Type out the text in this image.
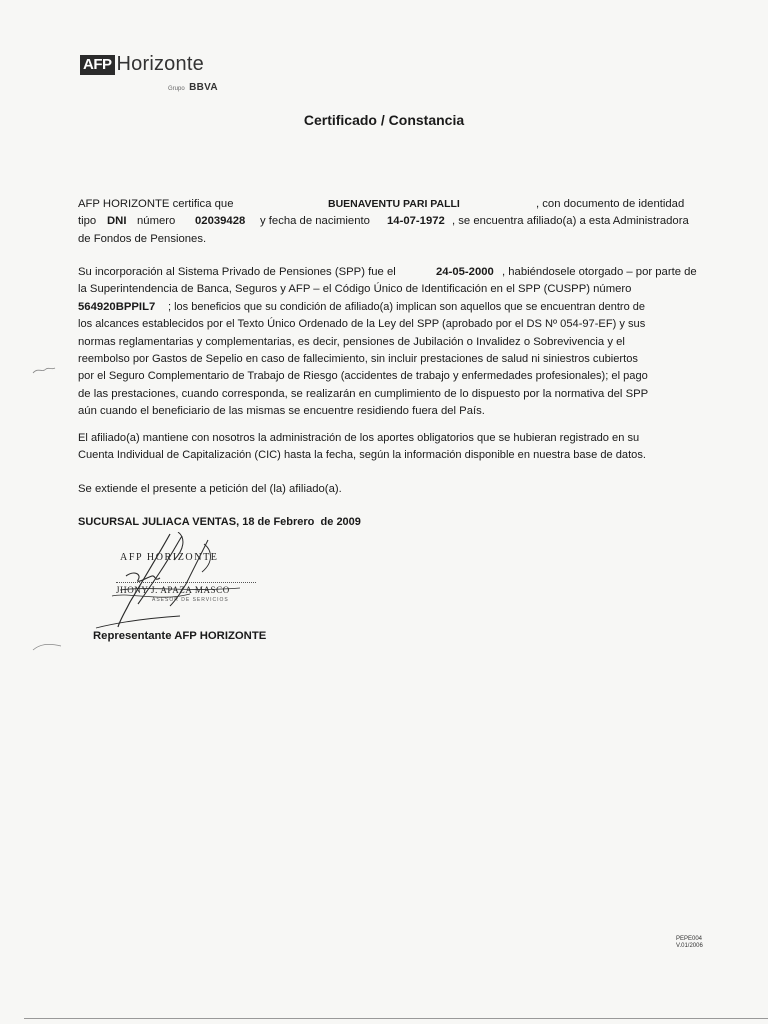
AFP Horizonte
Grupo BBVA
Certificado / Constancia
AFP HORIZONTE certifica que	BUENAVENTU PARI PALLI	, con documento de identidad
tipo DNI número 02039428 y fecha de nacimiento 14-07-1972 , se encuentra afiliado(a) a esta Administradora
de Fondos de Pensiones.
Su incorporación al Sistema Privado de Pensiones (SPP) fue el	24-05-2000 , habiéndosele otorgado – por parte de
la Superintendencia de Banca, Seguros y AFP – el Código Único de Identificación en el SPP (CUSPP) número
564920BPPIL7 ; los beneficios que su condición de afiliado(a) implican son aquellos que se encuentran dentro de
los alcances establecidos por el Texto Único Ordenado de la Ley del SPP (aprobado por el DS Nº 054-97-EF) y sus
normas reglamentarias y complementarias, es decir, pensiones de Jubilación o Invalidez o Sobrevivencia y el
reembolso por Gastos de Sepelio en caso de fallecimiento, sin incluir prestaciones de salud ni siniestros cubiertos
por el Seguro Complementario de Trabajo de Riesgo (accidentes de trabajo y enfermedades profesionales); el pago
de las prestaciones, cuando corresponda, se realizarán en cumplimiento de lo dispuesto por la normativa del SPP
aún cuando el beneficiario de las mismas se encuentre residiendo fuera del País.
El afiliado(a) mantiene con nosotros la administración de los aportes obligatorios que se hubieran registrado en su
Cuenta Individual de Capitalización (CIC) hasta la fecha, según la información disponible en nuestra base de datos.
Se extiende el presente a petición del (la) afiliado(a).
SUCURSAL JULIACA VENTAS, 18 de Febrero de 2009
AFP HORIZONTE
JHONY J. APAZA MASCO
ASESOR DE SERVICIOS
Representante AFP HORIZONTE
PEPE004
V.01/2006
